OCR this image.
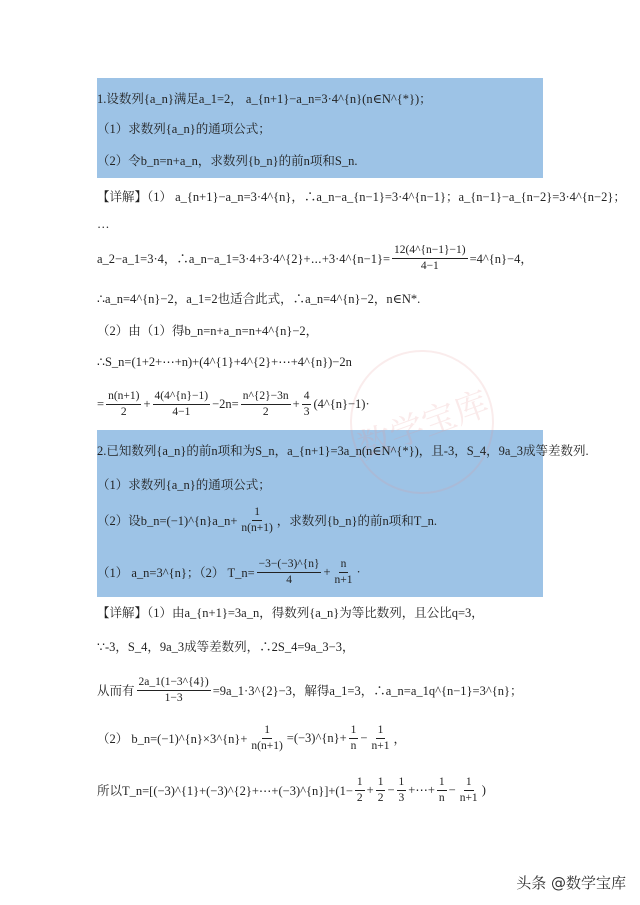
数学宝库
1.设数列{a_n}满足a_1=2， a_{n+1}−a_n=3·4^{n}(n∈N^{*})；
（1）求数列{a_n}的通项公式；
（2）令b_n=n+a_n，求数列{b_n}的前n项和S_n.
【详解】（1） a_{n+1}−a_n=3·4^{n}，∴a_n−a_{n−1}=3·4^{n−1}；a_{n−1}−a_{n−2}=3·4^{n−2}；
…
a_2−a_1=3·4，∴a_n−a_1=3·4+3·4^{2}+⋯+3·4^{n−1}= $\frac{12(4\^{}\{n-1\}-1)}{4-1}$ =4^{n}−4，
∴a_n=4^{n}−2，a_1=2也适合此式，∴a_n=4^{n}−2，n∈N*.
（2）由（1）得b_n=n+a_n=n+4^{n}−2，
∴S_n=(1+2+⋯+n)+(4^{1}+4^{2}+⋯+4^{n})−2n
= $\frac{n(n+1)}{2} + \frac{4(4\^{}\{n\}-1)}{4-1} -2n= \frac{n\^{}\{2\}-3n}{2} + \frac{4}{3}$ (4^{n}−1)·
2.已知数列{a_n}的前n项和为S_n，a_{n+1}=3a_n(n∈N^{*})，且-3，S_4，9a_3成等差数列.
（1）求数列{a_n}的通项公式；
（2）设b_n=(−1)^{n}a_n+ $\frac{1}{n(n+1)}$ ，求数列{b_n}的前n项和T_n.
（1） a_n=3^{n}；（2） T_n= $\frac{-3-(-3)\^{}\{n\}}{4} + \frac{n}{n+1}$ ·
【详解】（1）由a_{n+1}=3a_n，得数列{a_n}为等比数列，且公比q=3，
∵-3，S_4，9a_3成等差数列，∴2S_4=9a_3−3，
从而有 $\frac{2a\_1(1-3\^{}\{4\})}{1-3}$ =9a_1·3^{2}−3，解得a_1=3，∴a_n=a_1q^{n−1}=3^{n}；
（2） b_n=(−1)^{n}×3^{n}+ $\frac{1}{n(n+1)}$ =(−3)^{n}+ $\frac{1}{n} - \frac{1}{n+1}$ ，
所以T_n=[(−3)^{1}+(−3)^{2}+⋯+(−3)^{n}]+(1− $\frac{1}{2} + \frac{1}{2} - \frac{1}{3}$ +⋯+ $\frac{1}{n} - \frac{1}{n+1}$ )
头条 @数学宝库
